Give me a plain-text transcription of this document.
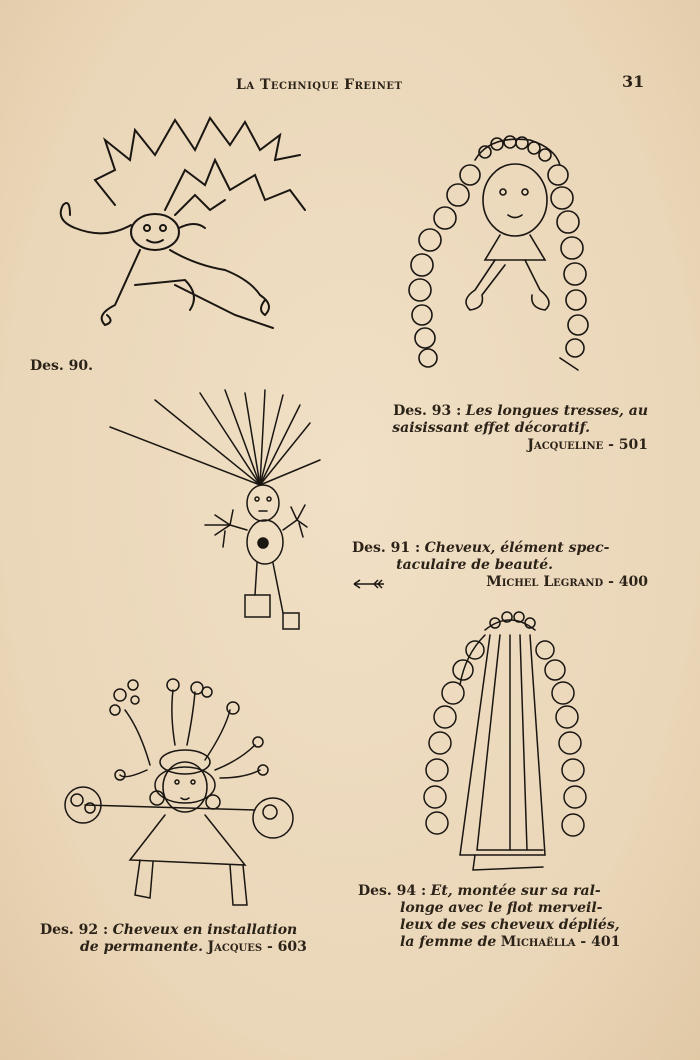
La Technique Freinet	31
Des. 90.
Des. 93 : Les longues tresses, au
saisissant effet décoratif.
Jacqueline - 501
Des. 91 : Cheveux, élément spec-
taculaire de beauté.
Michel Legrand - 400
Des. 92 : Cheveux en installation
de permanente. Jacques - 603
Des. 94 : Et, montée sur sa ral-
longe avec le flot merveil-
leux de ses cheveux dépliés,
la femme de Michaëlla - 401
